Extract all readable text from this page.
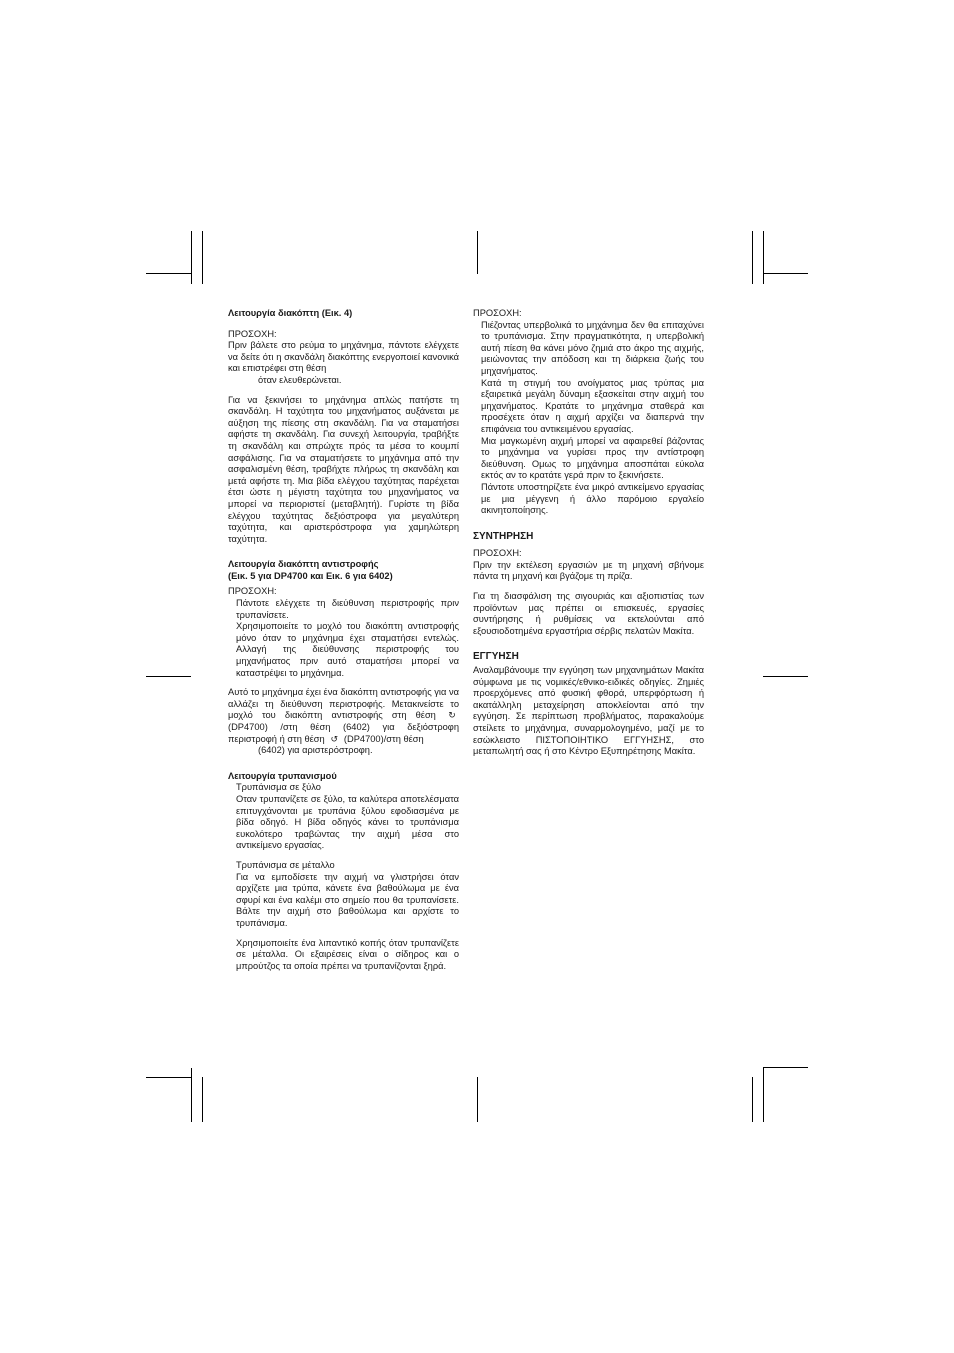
Λειτουργία διακόπτη (Εικ. 4)

ΠΡΟΣΟΧΗ:

Πριν βάλετε στο ρεύμα το μηχάνημα, πάντοτε ελέγχετε να δείτε ότι η σκανδάλη διακόπτης ενεργοποιεί κανονικά και επιστρέφει στη θέση

όταν ελευθερώνεται.

Για να ξεκινήσει το μηχάνημα απλώς πατήστε τη σκανδάλη. Η ταχύτητα του μηχανήματος αυξάνεται με αύξηση της πίεσης στη σκανδάλη. Για να σταματήσει αφήστε τη σκανδάλη. Για συνεχή λειτουργία, τραβήξτε τη σκανδάλη και σπρώχτε πρός τα μέσα το κουμπί ασφάλισης. Για να σταματήσετε το μηχάνημα από την ασφαλισμένη θέση, τραβήχτε πλήρως τη σκανδάλη και μετά αφήστε τη. Μια βίδα ελέγχου ταχύτητας παρέχεται έτσι ώστε η μέγιστη ταχύτητα του μηχανήματος να μπορεί να περιοριστεί (μεταβλητή). Γυρίστε τη βίδα ελέγχου ταχύτητας δεξιόστροφα για μεγαλύτερη ταχύτητα, και αριστερόστροφα για χαμηλώτερη ταχύτητα.

Λειτουργία διακόπτη αντιστροφής

(Εικ. 5 για DP4700 και Εικ. 6 για 6402)

ΠΡΟΣΟΧΗ:

Πάντοτε ελέγχετε τη διεύθυνση περιστροφής πριν τρυπανίσετε.

Χρησιμοποιείτε το μοχλό του διακόπτη αντιστροφής μόνο όταν το μηχάνημα έχει σταματήσει εντελώς. Αλλαγή της διεύθυνσης περιστροφής του μηχανήματος πριν αυτό σταματήσει μπορεί να καταστρέψει το μηχάνημα.

Αυτό το μηχάνημα έχει ένα διακόπτη αντιστροφής για να αλλάζει τη διεύθυνση περιστροφής. Μετακινείστε το μοχλό του διακόπτη αντιστροφής στη θέση ↻ (DP4700) /στη θέση (6402) για δεξιόστροφη περιστροφή ή στη θέση ↺ (DP4700)/στη θέση

(6402) για αριστερόστροφη.

Λειτουργία τρυπανισμού

Τρυπάνισμα σε ξύλο

Οταν τρυπανίζετε σε ξύλο, τα καλύτερα αποτελέσματα επιτυγχάνονται με τρυπάνια ξύλου εφοδιασμένα με βίδα οδηγό. Η βίδα οδηγός κάνει το τρυπάνισμα ευκολότερο τραβώντας την αιχμή μέσα στο αντικείμενο εργασίας.

Τρυπάνισμα σε μέταλλο

Για να εμποδίσετε την αιχμή να γλιστρήσει όταν αρχίζετε μια τρύπα, κάνετε ένα βαθούλωμα με ένα σφυρί και ένα καλέμι στο σημείο που θα τρυπανίσετε. Βάλτε την αιχμή στο βαθούλωμα και αρχίστε το τρυπάνισμα.

Χρησιμοποιείτε ένα λιπαντικό κοπής όταν τρυπανίζετε σε μέταλλα. Οι εξαιρέσεις είναι ο σίδηρος και ο μπρούτζος τα οποία πρέπει να τρυπανίζονται ξηρά.

ΠΡΟΣΟΧΗ:

Πιέζοντας υπερβολικά το μηχάνημα δεν θα επιταχύνει το τρυπάνισμα. Στην πραγματικότητα, η υπερβολική αυτή πίεση θα κάνει μόνο ζημιά στο άκρο της αιχμής, μειώνοντας την απόδοση και τη διάρκεια ζωής του μηχανήματος.

Κατά τη στιγμή του ανοίγματος μιας τρύπας μια εξαιρετικά μεγάλη δύναμη εξασκείται στην αιχμή του μηχανήματος. Κρατάτε το μηχάνημα σταθερά και προσέχετε όταν η αιχμή αρχίζει να διαπερνά την επιφάνεια του αντικειμένου εργασίας.

Μια μαγκωμένη αιχμή μπορεί να αφαιρεθεί βάζοντας το μηχάνημα να γυρίσει προς την αντίστροφη διεύθυνση. Ομως το μηχάνημα αποσπάται εύκολα εκτός αν το κρατάτε γερά πριν το ξεκινήσετε.

Πάντοτε υποστηρίζετε ένα μικρό αντικείμενο εργασίας με μια μέγγενη ή άλλο παρόμοιο εργαλείο ακινητοποίησης.

ΣΥΝΤΗΡΗΣΗ

ΠΡΟΣΟΧΗ:

Πριν την εκτέλεση εργασιών με τη μηχανή σβήνομε πάντα τη μηχανή και βγάζομε τη πρίζα.

Για τη διασφάλιση της σιγουριάς και αξιοπιστίας των προϊόντων μας πρέπει οι επισκευές, εργασίες συντήρησης ή ρυθμίσεις να εκτελούνται από εξουσιοδοτημένα εργαστήρια σέρβις πελατών Μακίτα.

ΕΓΓΥΗΣΗ

Αναλαμβάνουμε την εγγύηση των μηχανημάτων Μακίτα σύμφωνα με τις νομικές/εθνικο-ειδικές οδηγίες. Ζημιές προερχόμενες από φυσική φθορά, υπερφόρτωση ή ακατάλληλη μεταχείρηση αποκλείονται από την εγγύηση. Σε περίπτωση προβλήματος, παρακαλούμε στείλετε το μηχάνημα, συναρμολογημένο, μαζί με το εσώκλειστο ΠΙΣΤΟΠΟΙΗΤΙΚΟ ΕΓΓΥΗΣΗΣ, στο μεταπωλητή σας ή στο Κέντρο Εξυπηρέτησης Μακίτα.
